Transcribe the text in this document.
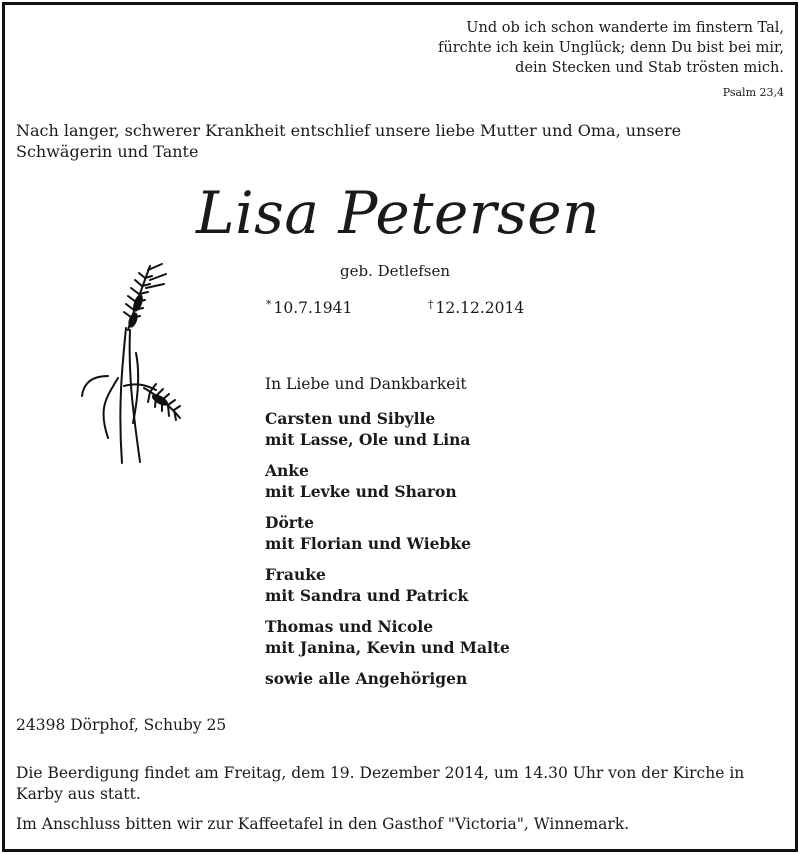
Und ob ich schon wanderte im finstern Tal,
fürchte ich kein Unglück; denn Du bist bei mir,
dein Stecken und Stab trösten mich.
Psalm 23,4
Nach langer, schwerer Krankheit entschlief unsere liebe Mutter und Oma, unsere Schwägerin und Tante
Lisa Petersen
geb. Detlefsen
* 10.7.1941	† 12.12.2014
In Liebe und Dankbarkeit
Carsten und Sibylle
mit Lasse, Ole und Lina
Anke
mit Levke und Sharon
Dörte
mit Florian und Wiebke
Frauke
mit Sandra und Patrick
Thomas und Nicole
mit Janina, Kevin und Malte
sowie alle Angehörigen
24398 Dörphof, Schuby 25
Die Beerdigung findet am Freitag, dem 19. Dezember 2014, um 14.30 Uhr von der Kirche in Karby aus statt.
Im Anschluss bitten wir zur Kaffeetafel in den Gasthof "Victoria", Winnemark.
